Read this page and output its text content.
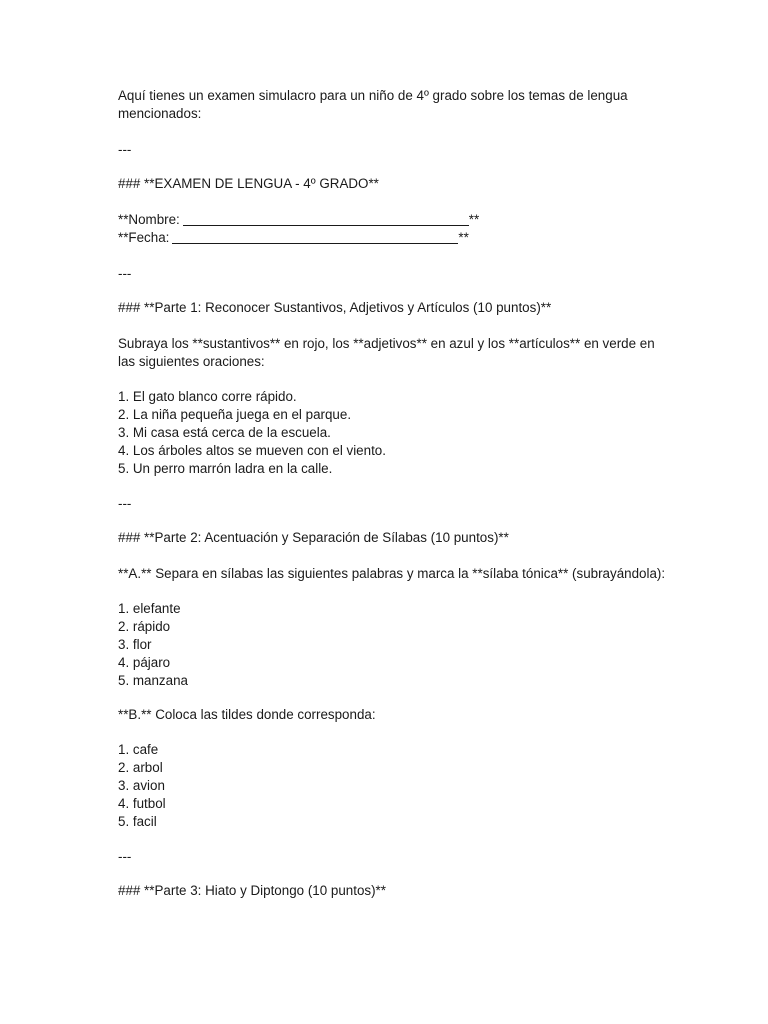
Aquí tienes un examen simulacro para un niño de 4º grado sobre los temas de lengua
mencionados:
---
### **EXAMEN DE LENGUA - 4º GRADO**
**Nombre:	**
**Fecha:	**
---
### **Parte 1: Reconocer Sustantivos, Adjetivos y Artículos (10 puntos)**
Subraya los **sustantivos** en rojo, los **adjetivos** en azul y los **artículos** en verde en
las siguientes oraciones:
1. El gato blanco corre rápido.
2. La niña pequeña juega en el parque.
3. Mi casa está cerca de la escuela.
4. Los árboles altos se mueven con el viento.
5. Un perro marrón ladra en la calle.
---
### **Parte 2: Acentuación y Separación de Sílabas (10 puntos)**
**A.** Separa en sílabas las siguientes palabras y marca la **sílaba tónica** (subrayándola):
1. elefante
2. rápido
3. flor
4. pájaro
5. manzana
**B.** Coloca las tildes donde corresponda:
1. cafe
2. arbol
3. avion
4. futbol
5. facil
---
### **Parte 3: Hiato y Diptongo (10 puntos)**
